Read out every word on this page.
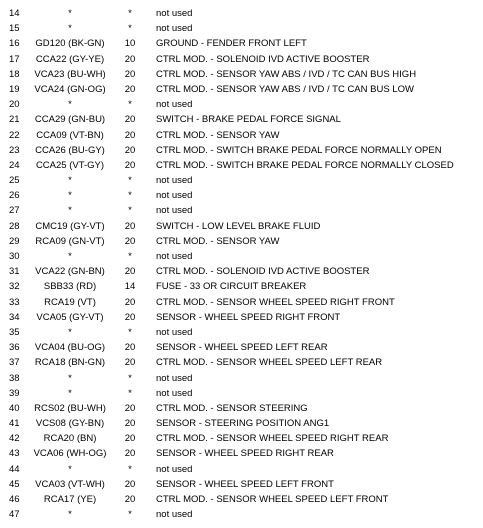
14	*	*	not used
15	*	*	not used
16	GD120 (BK-GN)	10	GROUND - FENDER FRONT LEFT
17	CCA22 (GY-YE)	20	CTRL MOD. - SOLENOID IVD ACTIVE BOOSTER
18	VCA23 (BU-WH)	20	CTRL MOD. - SENSOR YAW ABS / IVD / TC CAN BUS HIGH
19	VCA24 (GN-OG)	20	CTRL MOD. - SENSOR YAW ABS / IVD / TC CAN BUS LOW
20	*	*	not used
21	CCA29 (GN-BU)	20	SWITCH - BRAKE PEDAL FORCE SIGNAL
22	CCA09 (VT-BN)	20	CTRL MOD. - SENSOR YAW
23	CCA26 (BU-GY)	20	CTRL MOD. - SWITCH BRAKE PEDAL FORCE NORMALLY OPEN
24	CCA25 (VT-GY)	20	CTRL MOD. - SWITCH BRAKE PEDAL FORCE NORMALLY CLOSED
25	*	*	not used
26	*	*	not used
27	*	*	not used
28	CMC19 (GY-VT)	20	SWITCH - LOW LEVEL BRAKE FLUID
29	RCA09 (GN-VT)	20	CTRL MOD. - SENSOR YAW
30	*	*	not used
31	VCA22 (GN-BN)	20	CTRL MOD. - SOLENOID IVD ACTIVE BOOSTER
32	SBB33 (RD)	14	FUSE - 33 OR CIRCUIT BREAKER
33	RCA19 (VT)	20	CTRL MOD. - SENSOR WHEEL SPEED RIGHT FRONT
34	VCA05 (GY-VT)	20	SENSOR - WHEEL SPEED RIGHT FRONT
35	*	*	not used
36	VCA04 (BU-OG)	20	SENSOR - WHEEL SPEED LEFT REAR
37	RCA18 (BN-GN)	20	CTRL MOD. - SENSOR WHEEL SPEED LEFT REAR
38	*	*	not used
39	*	*	not used
40	RCS02 (BU-WH)	20	CTRL MOD. - SENSOR STEERING
41	VCS08 (GY-BN)	20	SENSOR - STEERING POSITION ANG1
42	RCA20 (BN)	20	CTRL MOD. - SENSOR WHEEL SPEED RIGHT REAR
43	VCA06 (WH-OG)	20	SENSOR - WHEEL SPEED RIGHT REAR
44	*	*	not used
45	VCA03 (VT-WH)	20	SENSOR - WHEEL SPEED LEFT FRONT
46	RCA17 (YE)	20	CTRL MOD. - SENSOR WHEEL SPEED LEFT FRONT
47	*	*	not used
